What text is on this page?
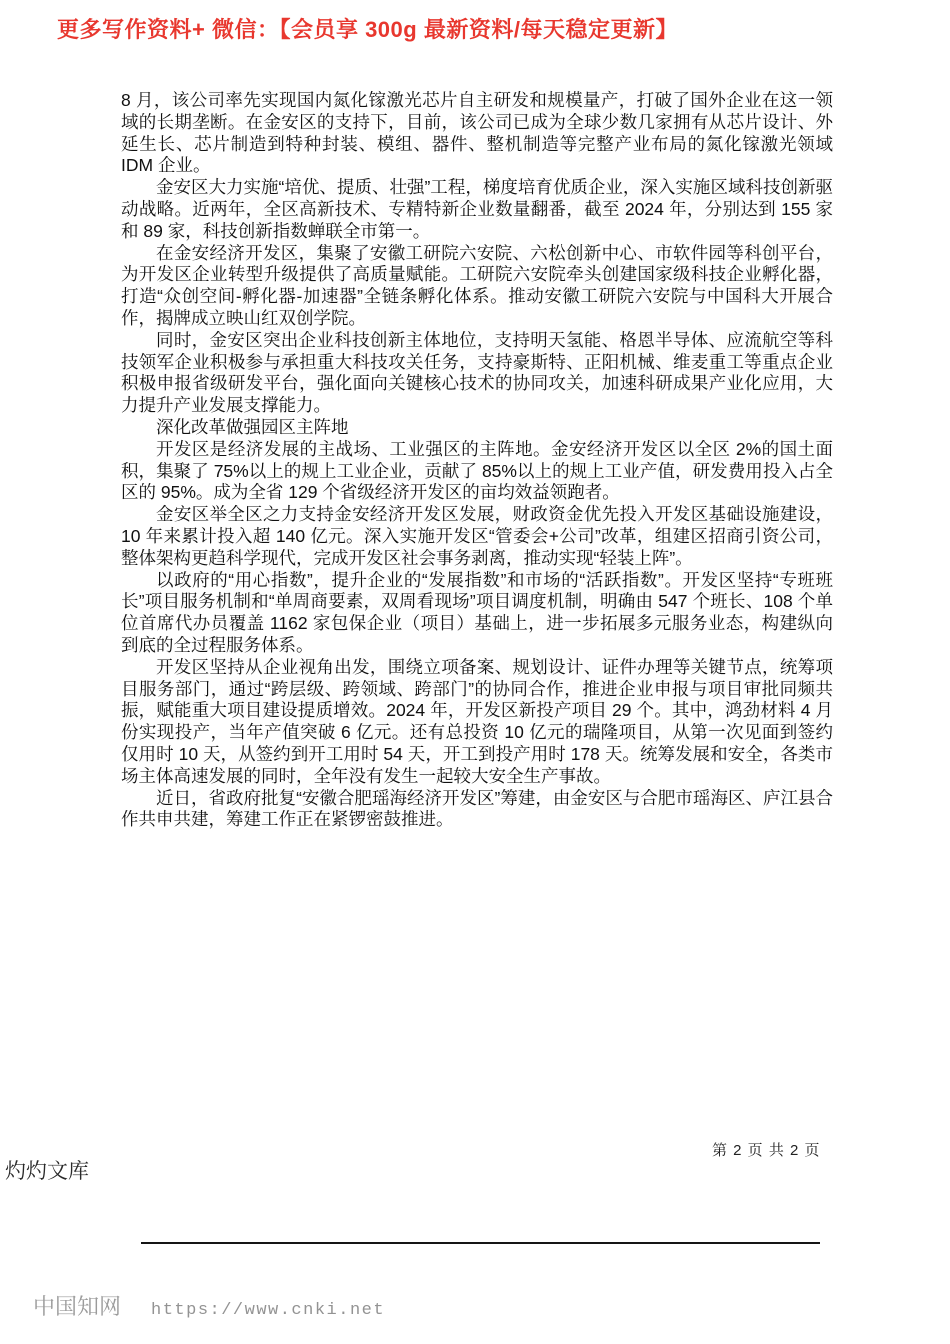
更多写作资料+ 微信：【会员享 300g 最新资料/每天稳定更新】

8 月，该公司率先实现国内氮化镓激光芯片自主研发和规模量产，打破了国外企业在这一领域的长期垄断。在金安区的支持下，目前，该公司已成为全球少数几家拥有从芯片设计、外延生长、芯片制造到特种封装、模组、器件、整机制造等完整产业布局的氮化镓激光领域 IDM 企业。

金安区大力实施“培优、提质、壮强”工程，梯度培育优质企业，深入实施区域科技创新驱动战略。近两年，全区高新技术、专精特新企业数量翻番，截至 2024 年，分别达到 155 家和 89 家，科技创新指数蝉联全市第一。

在金安经济开发区，集聚了安徽工研院六安院、六松创新中心、市软件园等科创平台，为开发区企业转型升级提供了高质量赋能。工研院六安院牵头创建国家级科技企业孵化器，打造“众创空间-孵化器-加速器”全链条孵化体系。推动安徽工研院六安院与中国科大开展合作，揭牌成立映山红双创学院。

同时，金安区突出企业科技创新主体地位，支持明天氢能、格恩半导体、应流航空等科技领军企业积极参与承担重大科技攻关任务，支持豪斯特、正阳机械、维麦重工等重点企业积极申报省级研发平台，强化面向关键核心技术的协同攻关，加速科研成果产业化应用，大力提升产业发展支撑能力。

深化改革做强园区主阵地

开发区是经济发展的主战场、工业强区的主阵地。金安经济开发区以全区 2%的国土面积，集聚了 75%以上的规上工业企业，贡献了 85%以上的规上工业产值，研发费用投入占全区的 95%。成为全省 129 个省级经济开发区的亩均效益领跑者。

金安区举全区之力支持金安经济开发区发展，财政资金优先投入开发区基础设施建设，10 年来累计投入超 140 亿元。深入实施开发区“管委会+公司”改革，组建区招商引资公司，整体架构更趋科学现代，完成开发区社会事务剥离，推动实现“轻装上阵”。

以政府的“用心指数”，提升企业的“发展指数”和市场的“活跃指数”。开发区坚持“专班班长”项目服务机制和“单周商要素，双周看现场”项目调度机制，明确由 547 个班长、108 个单位首席代办员覆盖 1162 家包保企业（项目）基础上，进一步拓展多元服务业态，构建纵向到底的全过程服务体系。

开发区坚持从企业视角出发，围绕立项备案、规划设计、证件办理等关键节点，统筹项目服务部门，通过“跨层级、跨领域、跨部门”的协同合作，推进企业申报与项目审批同频共振，赋能重大项目建设提质增效。2024 年，开发区新投产项目 29 个。其中，鸿劲材料 4 月份实现投产，当年产值突破 6 亿元。还有总投资 10 亿元的瑞隆项目，从第一次见面到签约仅用时 10 天，从签约到开工用时 54 天，开工到投产用时 178 天。统筹发展和安全，各类市场主体高速发展的同时，全年没有发生一起较大安全生产事故。

近日，省政府批复“安徽合肥瑶海经济开发区”筹建，由金安区与合肥市瑶海区、庐江县合作共申共建，筹建工作正在紧锣密鼓推进。

第 2 页 共 2 页
灼灼文库
中国知网 https://www.cnki.net
